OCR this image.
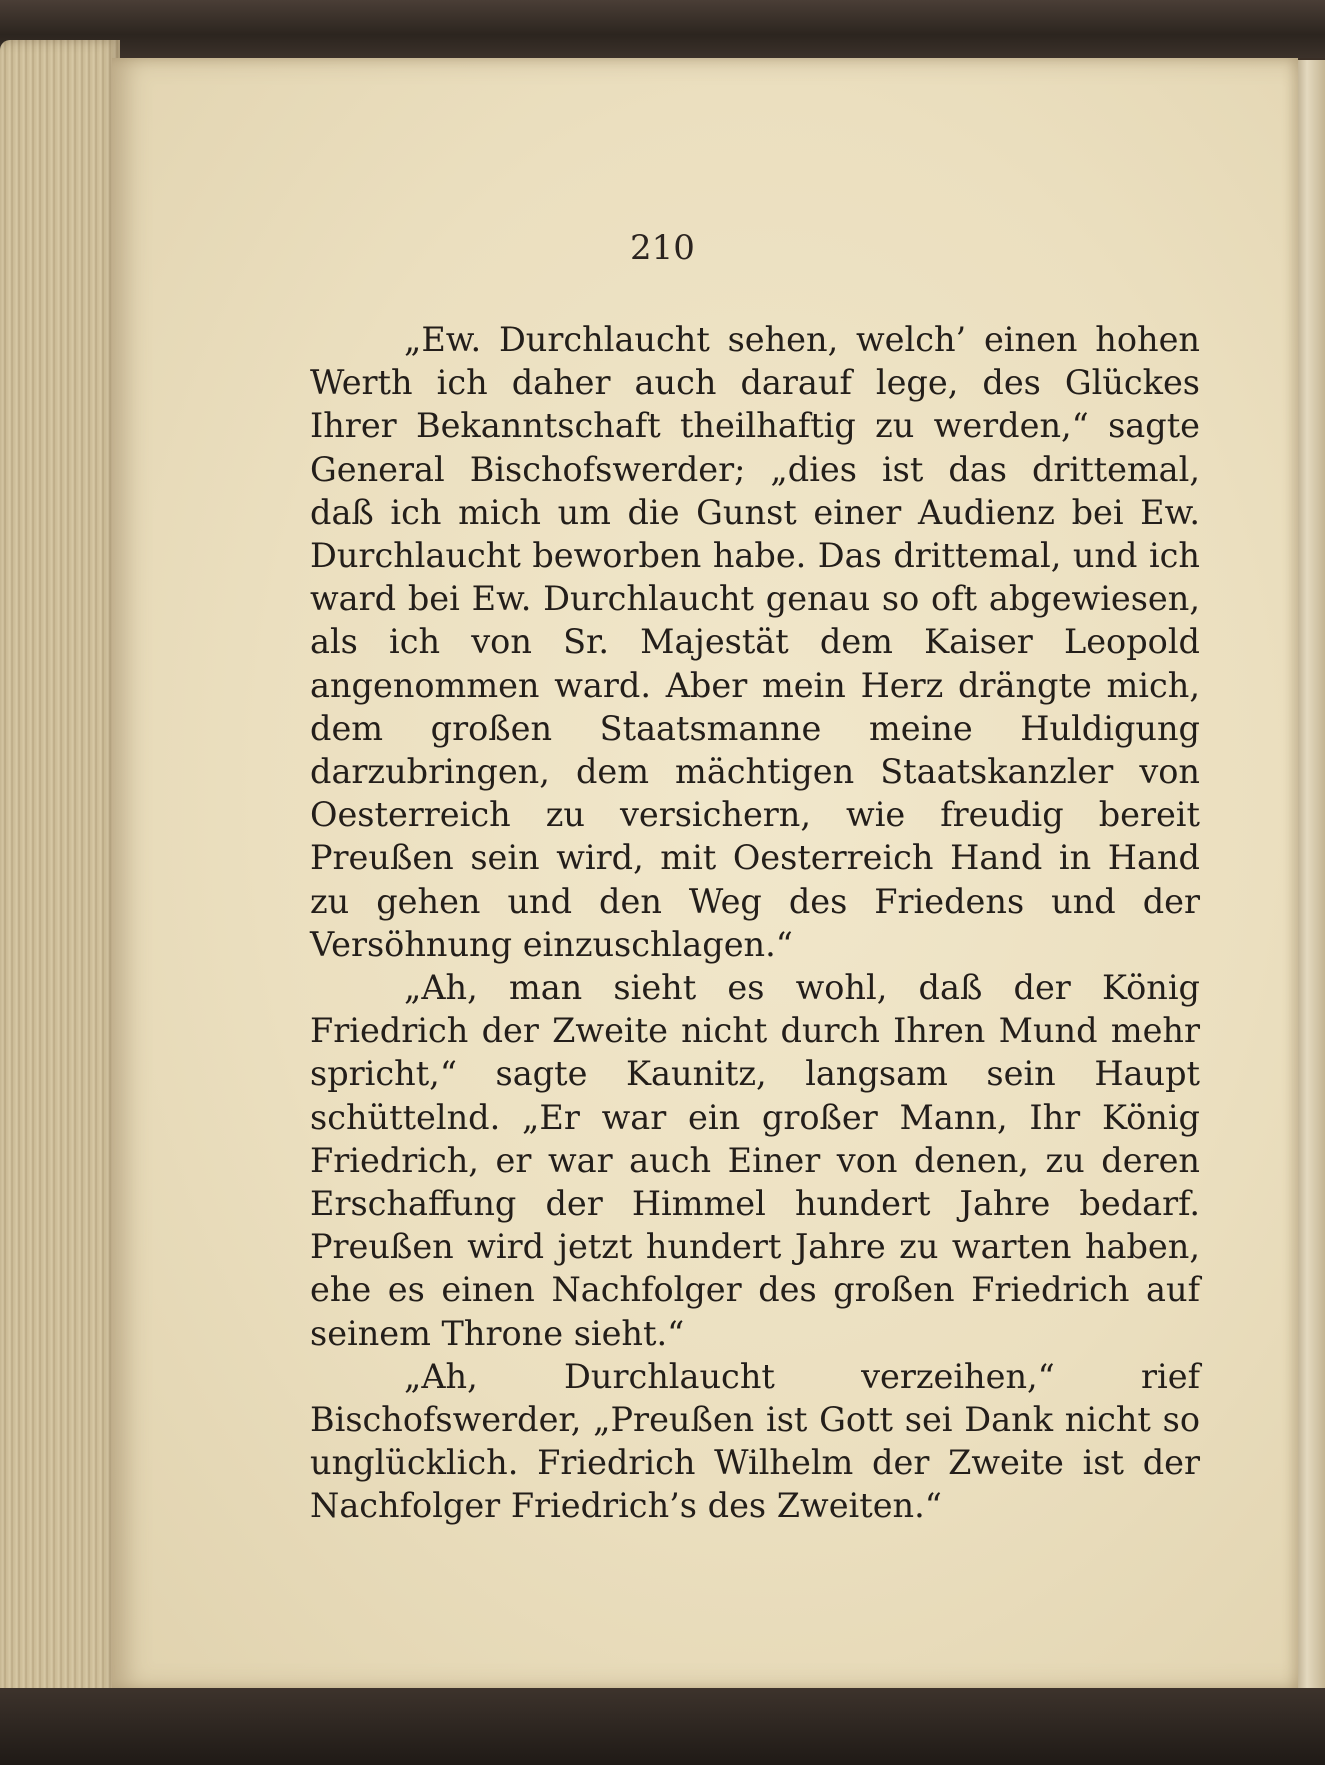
210

„Ew. Durchlaucht sehen, welch’ einen hohen Werth ich daher auch darauf lege, des Glückes Ihrer Bekanntschaft theilhaftig zu werden,“ sagte General Bischofswerder; „dies ist das drittemal, daß ich mich um die Gunst einer Audienz bei Ew. Durchlaucht beworben habe. Das drittemal, und ich ward bei Ew. Durchlaucht genau so oft abgewiesen, als ich von Sr. Majestät dem Kaiser Leopold angenommen ward. Aber mein Herz drängte mich, dem großen Staatsmanne meine Huldigung darzubringen, dem mächtigen Staatskanzler von Oesterreich zu versichern, wie freudig bereit Preußen sein wird, mit Oesterreich Hand in Hand zu gehen und den Weg des Friedens und der Versöhnung einzuschlagen.“

„Ah, man sieht es wohl, daß der König Friedrich der Zweite nicht durch Ihren Mund mehr spricht,“ sagte Kaunitz, langsam sein Haupt schüttelnd. „Er war ein großer Mann, Ihr König Friedrich, er war auch Einer von denen, zu deren Erschaffung der Himmel hundert Jahre bedarf. Preußen wird jetzt hundert Jahre zu warten haben, ehe es einen Nachfolger des großen Friedrich auf seinem Throne sieht.“

„Ah, Durchlaucht verzeihen,“ rief Bischofswerder, „Preußen ist Gott sei Dank nicht so unglücklich. Friedrich Wilhelm der Zweite ist der Nachfolger Friedrich’s des Zweiten.“
